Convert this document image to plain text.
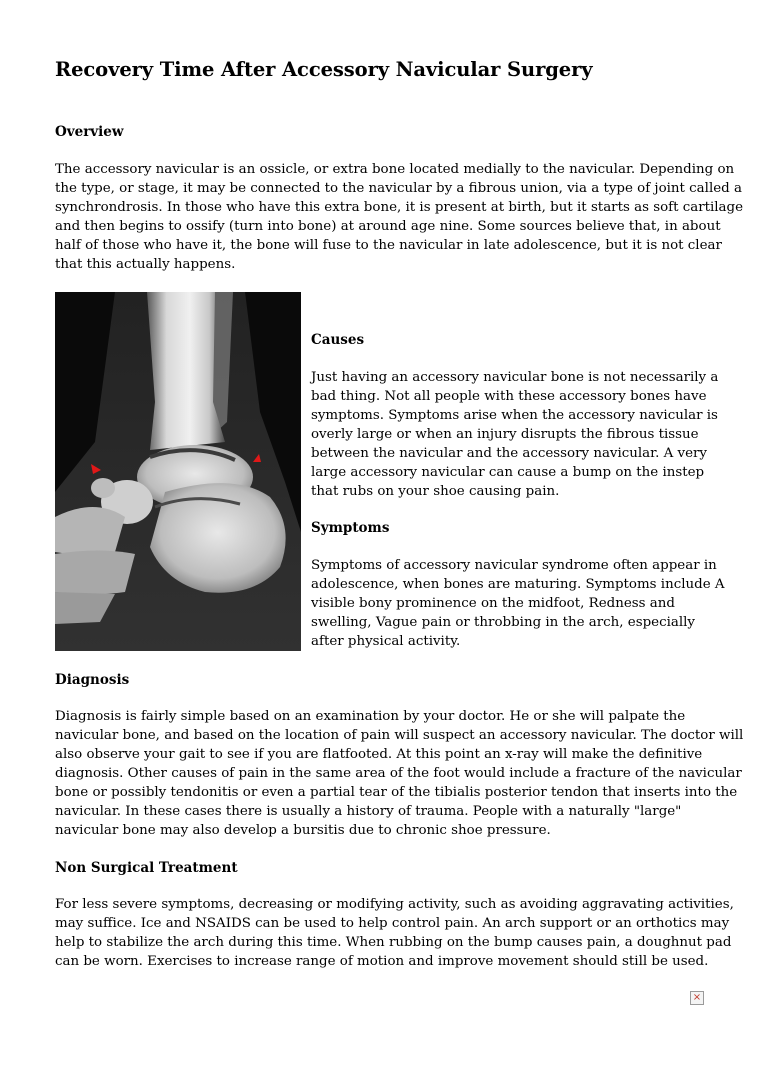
Recovery Time After Accessory Navicular Surgery

Overview

The accessory navicular is an ossicle, or extra bone located medially to the navicular. Depending on
the type, or stage, it may be connected to the navicular by a fibrous union, via a type of joint called a
synchrondrosis. In those who have this extra bone, it is present at birth, but it starts as soft cartilage
and then begins to ossify (turn into bone) at around age nine. Some sources believe that, in about
half of those who have it, the bone will fuse to the navicular in late adolescence, but it is not clear
that this actually happens.

Causes

Just having an accessory navicular bone is not necessarily a
bad thing. Not all people with these accessory bones have
symptoms. Symptoms arise when the accessory navicular is
overly large or when an injury disrupts the fibrous tissue
between the navicular and the accessory navicular. A very
large accessory navicular can cause a bump on the instep
that rubs on your shoe causing pain.

Symptoms

Symptoms of accessory navicular syndrome often appear in
adolescence, when bones are maturing. Symptoms include A
visible bony prominence on the midfoot, Redness and
swelling, Vague pain or throbbing in the arch, especially
after physical activity.

Diagnosis

Diagnosis is fairly simple based on an examination by your doctor. He or she will palpate the
navicular bone, and based on the location of pain will suspect an accessory navicular. The doctor will
also observe your gait to see if you are flatfooted. At this point an x-ray will make the definitive
diagnosis. Other causes of pain in the same area of the foot would include a fracture of the navicular
bone or possibly tendonitis or even a partial tear of the tibialis posterior tendon that inserts into the
navicular. In these cases there is usually a history of trauma. People with a naturally "large"
navicular bone may also develop a bursitis due to chronic shoe pressure.

Non Surgical Treatment

For less severe symptoms, decreasing or modifying activity, such as avoiding aggravating activities,
may suffice. Ice and NSAIDS can be used to help control pain. An arch support or an orthotics may
help to stabilize the arch during this time. When rubbing on the bump causes pain, a doughnut pad
can be worn. Exercises to increase range of motion and improve movement should still be used.
×
